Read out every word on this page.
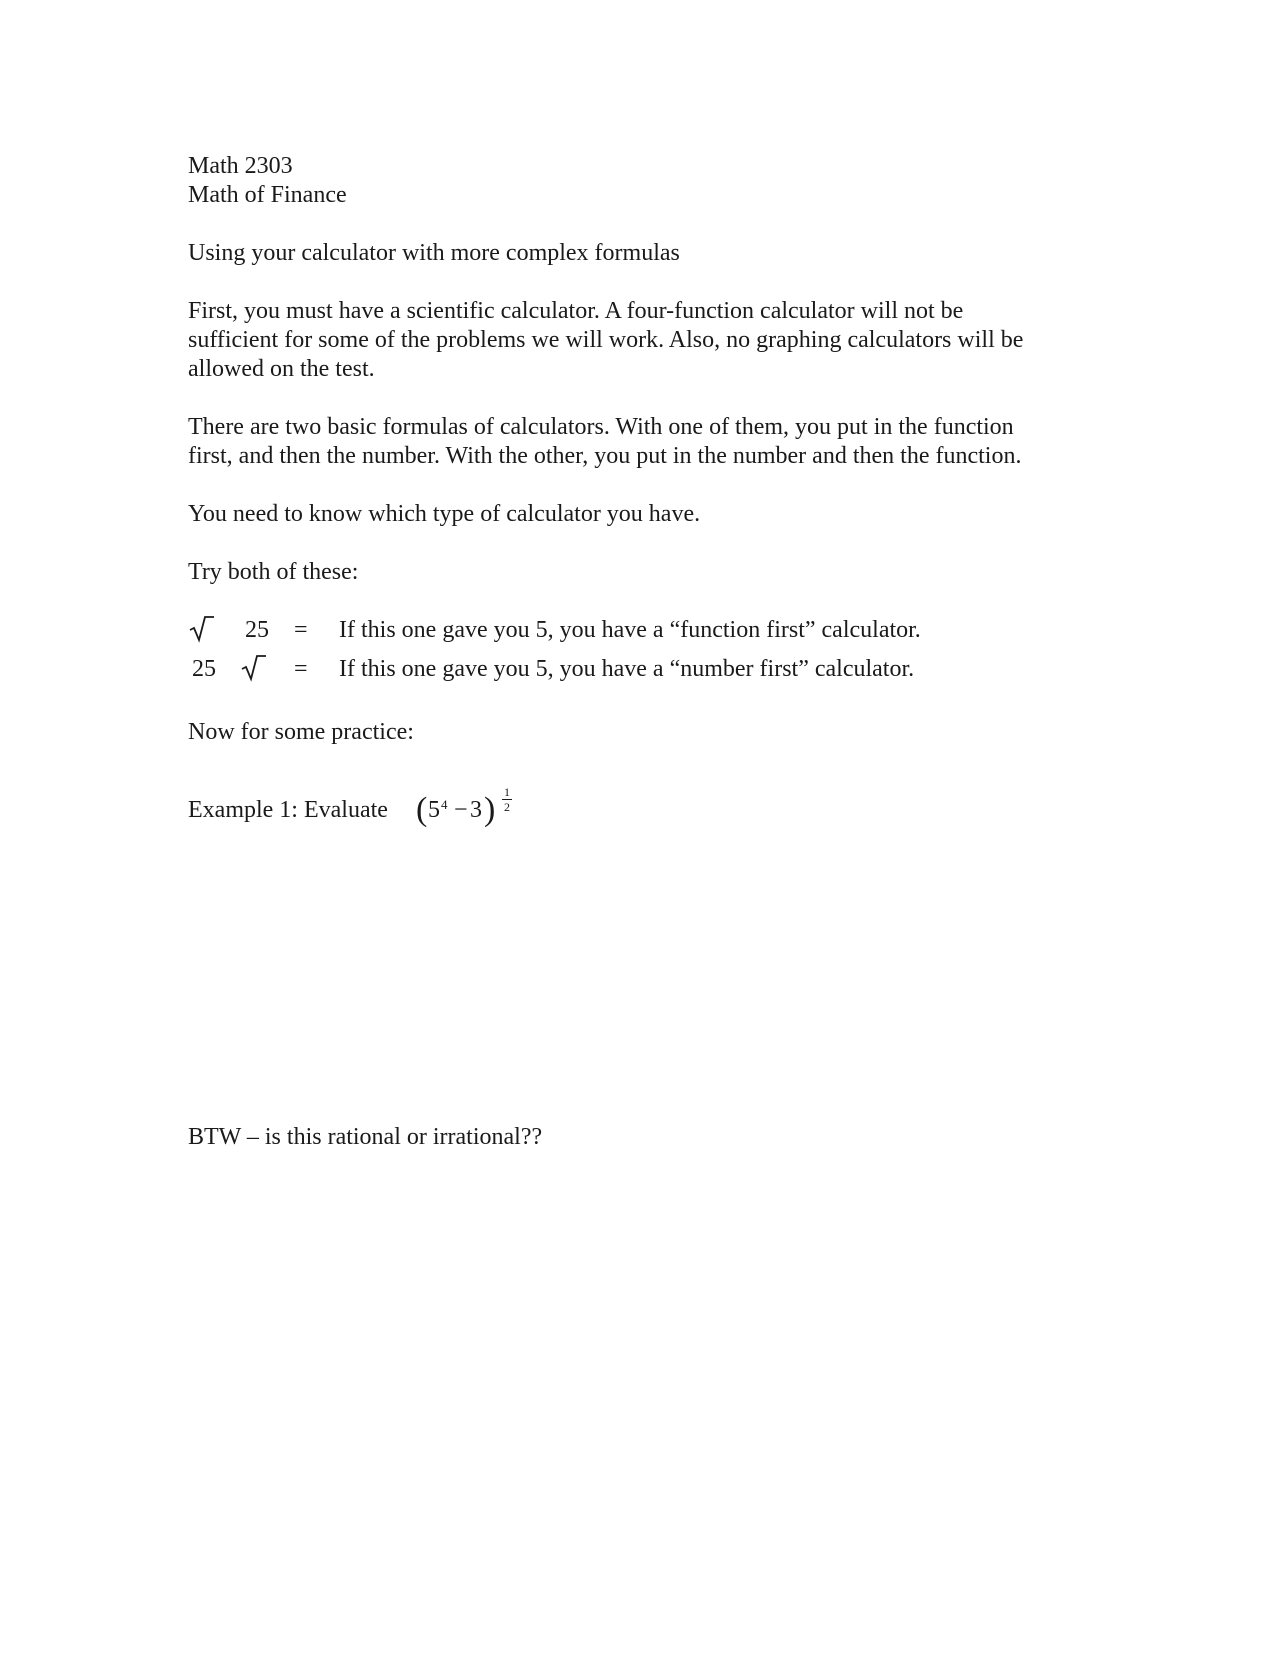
Math 2303
Math of Finance
Using your calculator with more complex formulas
First, you must have a scientific calculator. A four-function calculator will not be
sufficient for some of the problems we will work. Also, no graphing calculators will be
allowed on the test.
There are two basic formulas of calculators. With one of them, you put in the function
first, and then the number. With the other, you put in the number and then the function.
You need to know which type of calculator you have.
Try both of these:
25 = If this one gave you 5, you have a “function first” calculator.
25	= If this one gave you 5, you have a “number first” calculator.
Now for some practice:
Example 1: Evaluate ( 5 4 − 3 ) 1
2
BTW – is this rational or irrational??
